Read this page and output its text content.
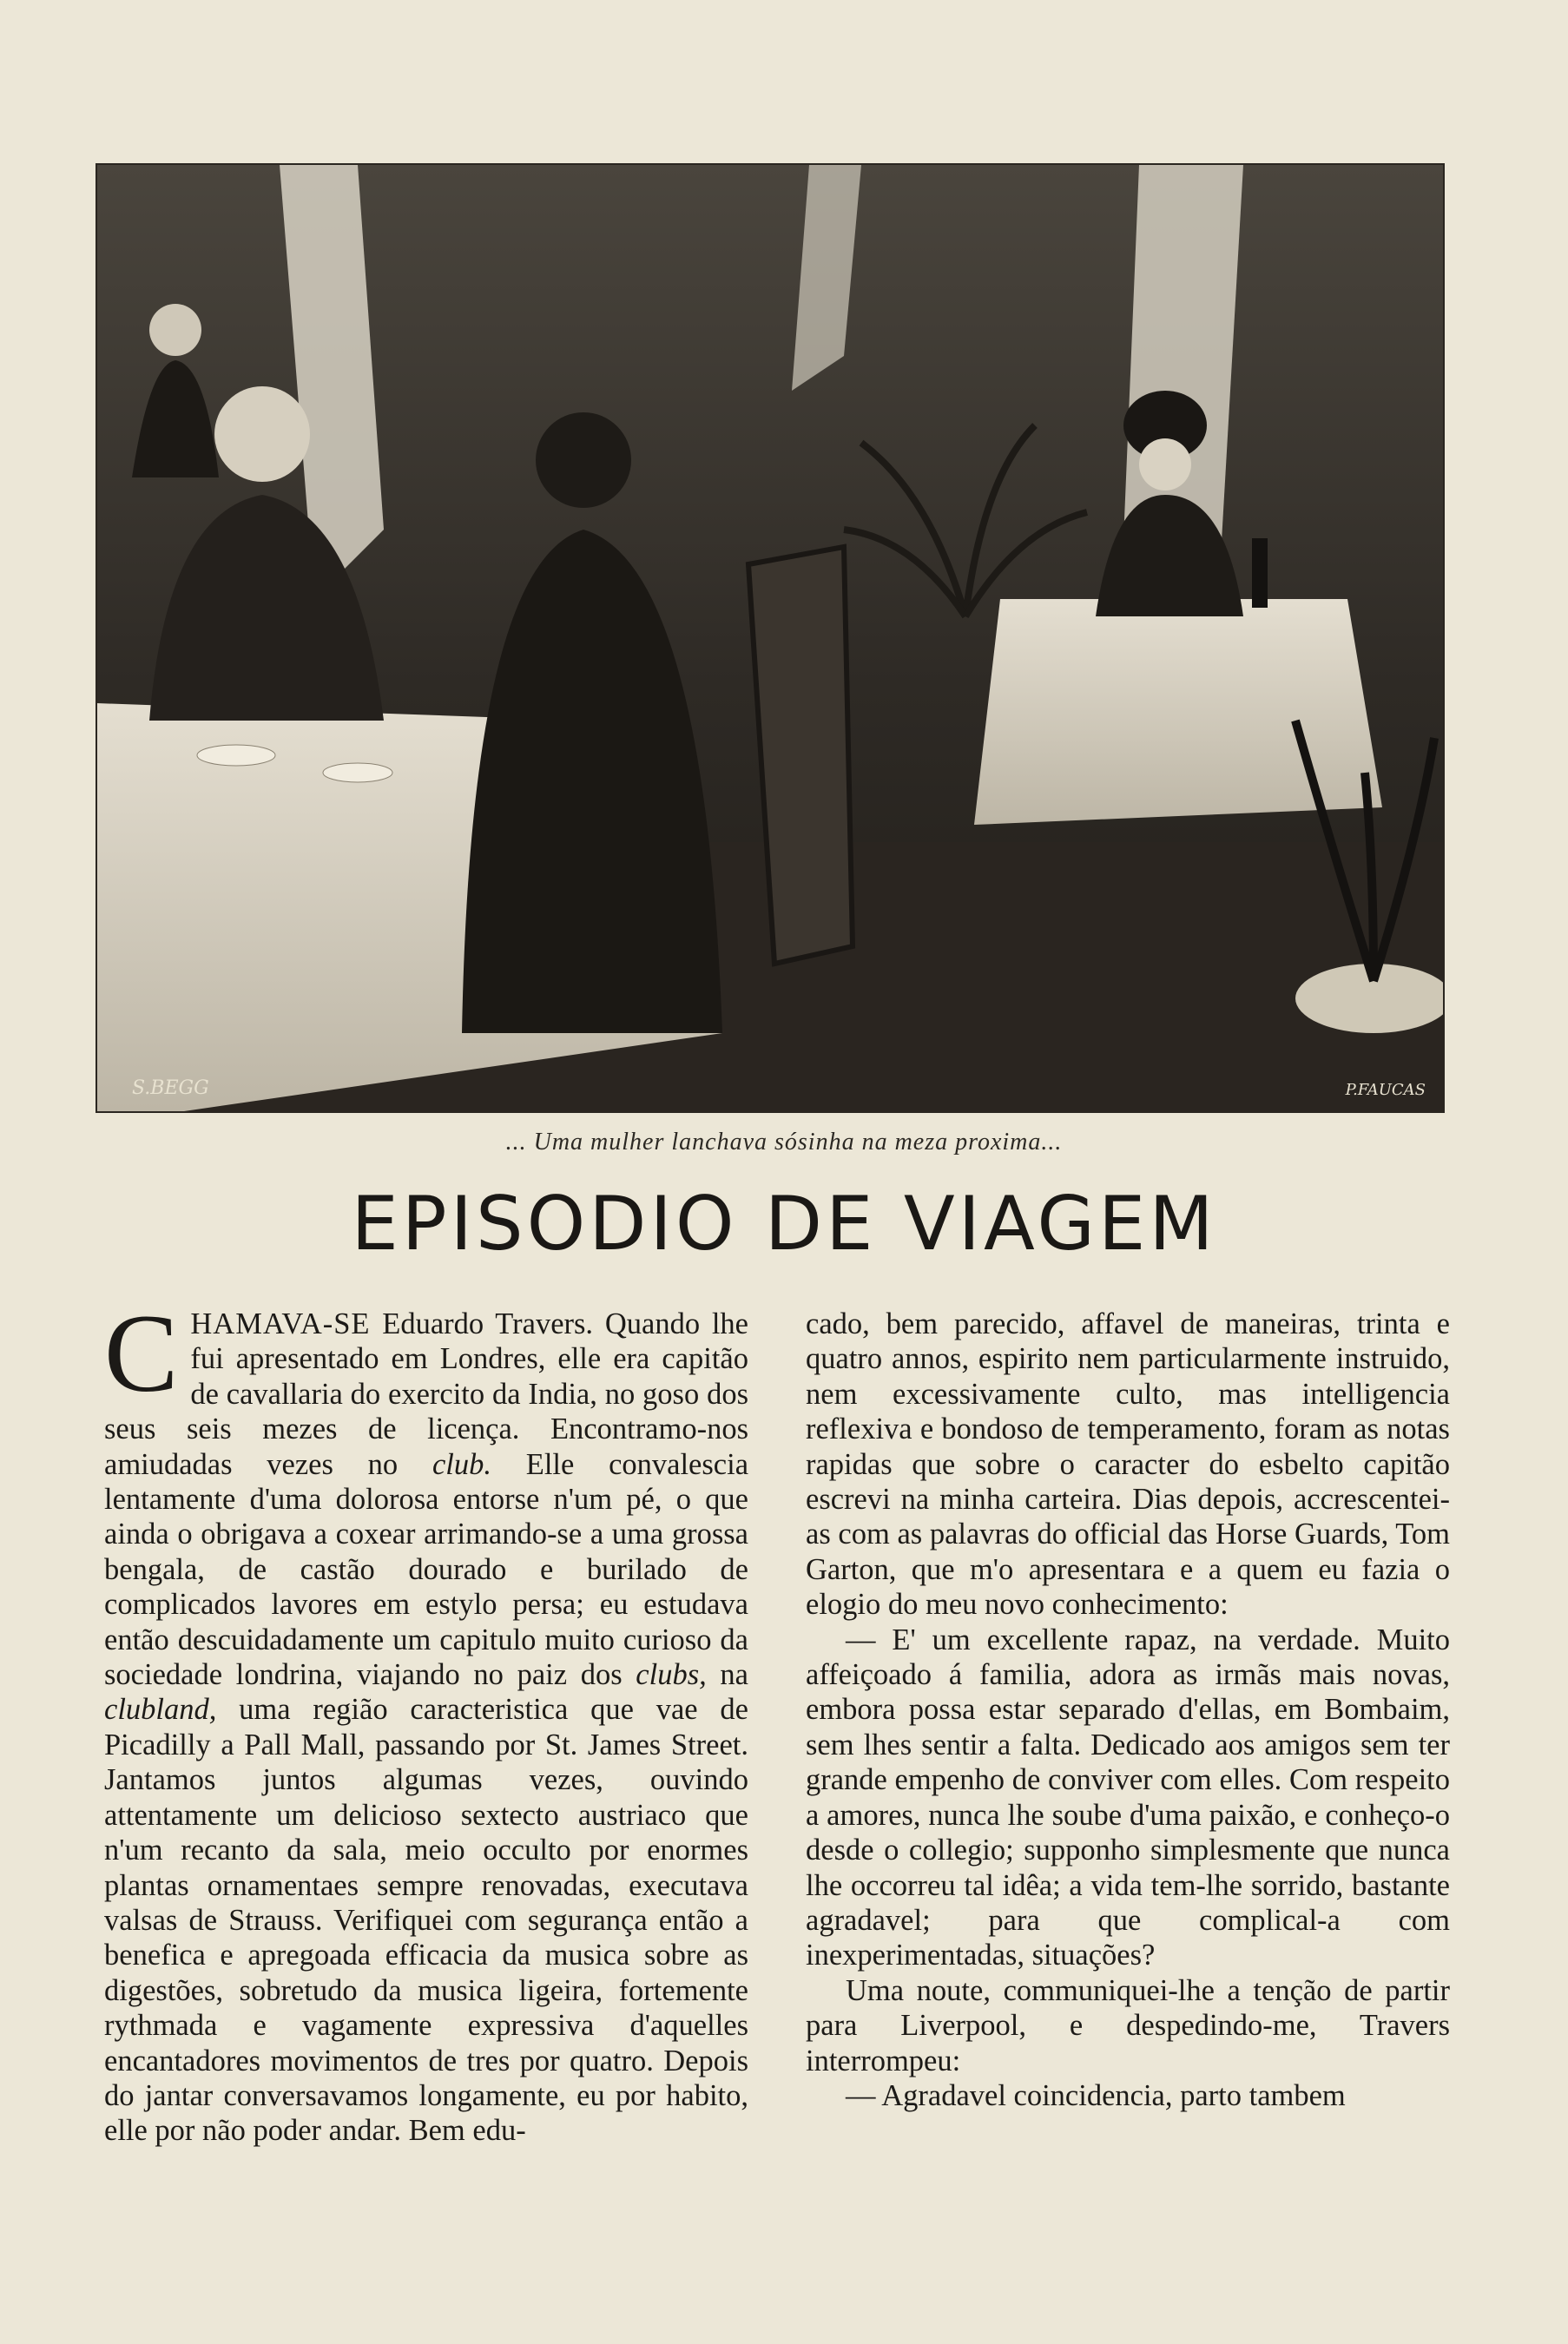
S.BEGG	P.FAUCAS
... Uma mulher lanchava sósinha na meza proxima...
EPISODIO DE VIAGEM

CHAMAVA-SE Eduardo Travers. Quando lhe fui apresentado em Londres, elle era capitão de cavallaria do exercito da India, no goso dos seus seis mezes de licença. Encontramo-nos amiudadas vezes no club. Elle convalescia lentamente d'uma dolorosa entorse n'um pé, o que ainda o obrigava a coxear arrimando-se a uma grossa bengala, de castão dourado e burilado de complicados lavores em estylo persa; eu estudava então descuidadamente um capitulo muito curioso da sociedade londrina, viajando no paiz dos clubs, na clubland, uma região caracteristica que vae de Picadilly a Pall Mall, passando por St. James Street. Jantamos juntos algumas vezes, ouvindo attentamente um delicioso sextecto austriaco que n'um recanto da sala, meio occulto por enormes plantas ornamentaes sempre renovadas, executava valsas de Strauss. Verifiquei com segurança então a benefica e apregoada efficacia da musica sobre as digestões, sobretudo da musica ligeira, fortemente rythmada e vagamente expressiva d'aquelles encantadores movimentos de tres por quatro. Depois do jantar conversavamos longamente, eu por habito, elle por não poder andar. Bem edu-

cado, bem parecido, affavel de maneiras, trinta e quatro annos, espirito nem particularmente instruido, nem excessivamente culto, mas intelligencia reflexiva e bondoso de temperamento, foram as notas rapidas que sobre o caracter do esbelto capitão escrevi na minha carteira. Dias depois, accrescentei-as com as palavras do official das Horse Guards, Tom Garton, que m'o apresentara e a quem eu fazia o elogio do meu novo conhecimento:

— E' um excellente rapaz, na verdade. Muito affeiçoado á familia, adora as irmãs mais novas, embora possa estar separado d'ellas, em Bombaim, sem lhes sentir a falta. Dedicado aos amigos sem ter grande empenho de conviver com elles. Com respeito a amores, nunca lhe soube d'uma paixão, e conheço-o desde o collegio; supponho simplesmente que nunca lhe occorreu tal idêa; a vida tem-lhe sorrido, bastante agradavel; para que complical-a com inexperimentadas, situações?

Uma noute, communiquei-lhe a tenção de partir para Liverpool, e despedindo-me, Travers interrompeu:

— Agradavel coincidencia, parto tambem
